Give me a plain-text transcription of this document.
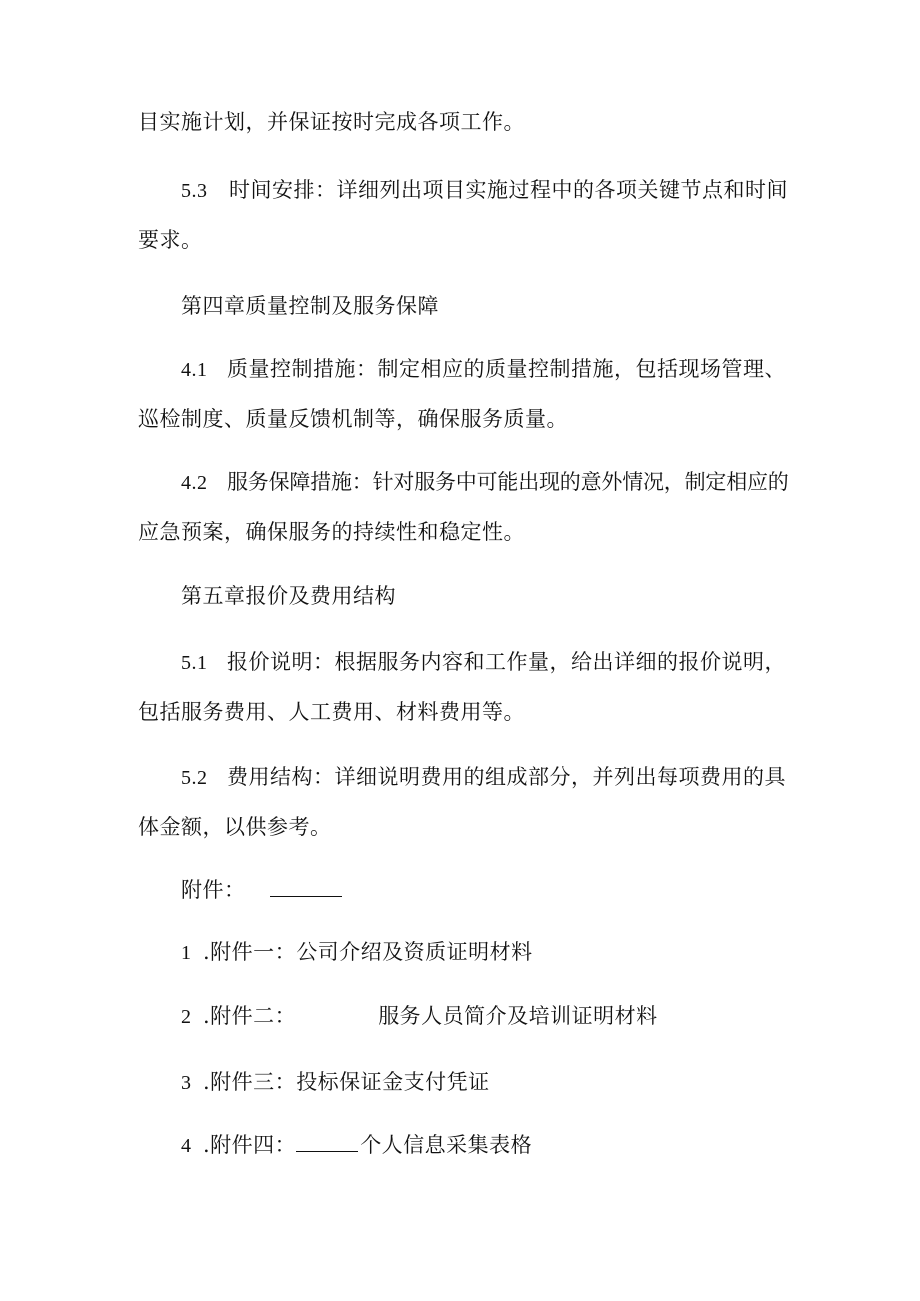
目实施计划，并保证按时完成各项工作。
5.3 时间安排：详细列出项目实施过程中的各项关键节点和时间
要求。
第四章质量控制及服务保障
4.1 质量控制措施：制定相应的质量控制措施，包括现场管理、
巡检制度、质量反馈机制等，确保服务质量。
4.2 服务保障措施：针对服务中可能出现的意外情况，制定相应的
应急预案，确保服务的持续性和稳定性。
第五章报价及费用结构
5.1 报价说明：根据服务内容和工作量，给出详细的报价说明，
包括服务费用、人工费用、材料费用等。
5.2 费用结构：详细说明费用的组成部分，并列出每项费用的具
体金额，以供参考。
附件：
1 .附件一：公司介绍及资质证明材料
2 .附件二：	服务人员简介及培训证明材料
3 .附件三：投标保证金支付凭证
4 .附件四：	个人信息采集表格
